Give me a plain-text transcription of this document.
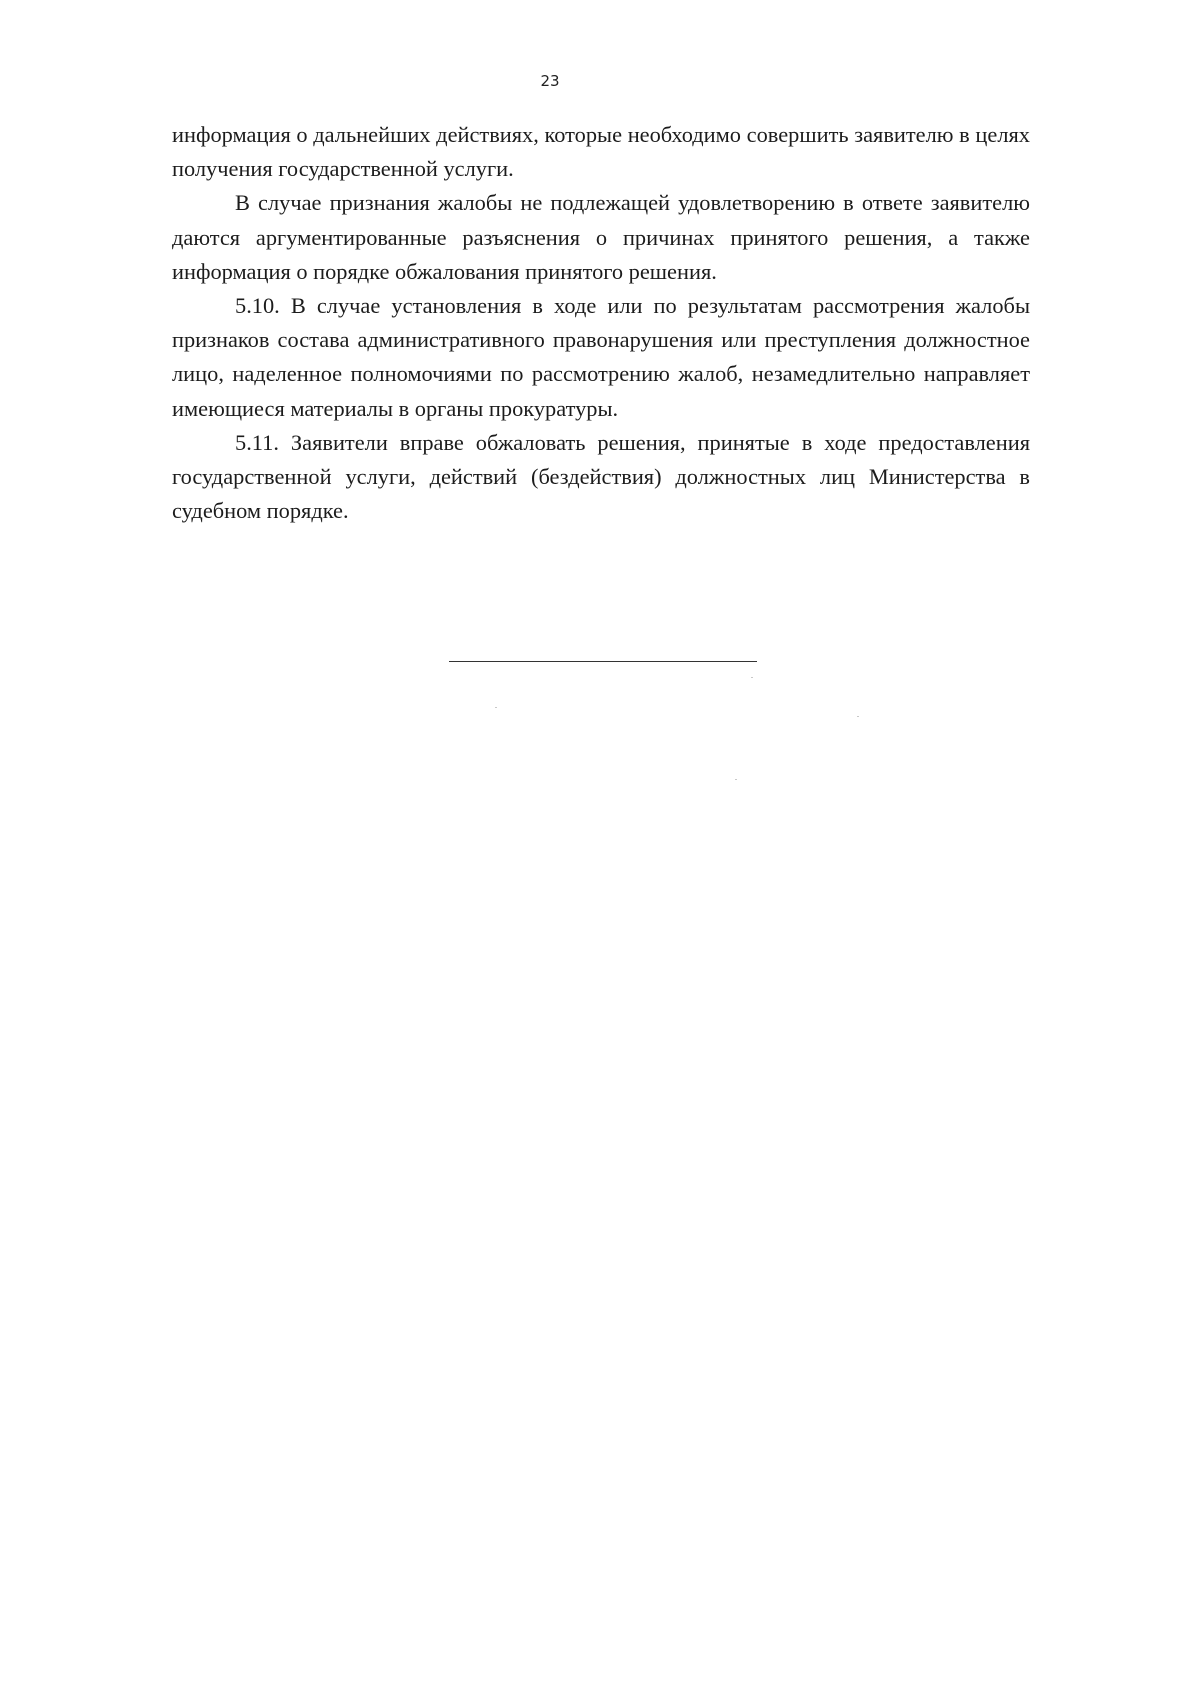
23

информация о дальнейших действиях, которые необходимо совершить заявителю в целях получения государственной услуги.

В случае признания жалобы не подлежащей удовлетворению в ответе заявителю даются аргументированные разъяснения о причинах принятого решения, а также информация о порядке обжалования принятого решения.

5.10. В случае установления в ходе или по результатам рассмотрения жалобы признаков состава административного правонарушения или преступления должностное лицо, наделенное полномочиями по рассмотрению жалоб, незамедлительно направляет имеющиеся материалы в органы прокуратуры.

5.11. Заявители вправе обжаловать решения, принятые в ходе предоставления государственной услуги, действий (бездействия) должностных лиц Министерства в судебном порядке.
